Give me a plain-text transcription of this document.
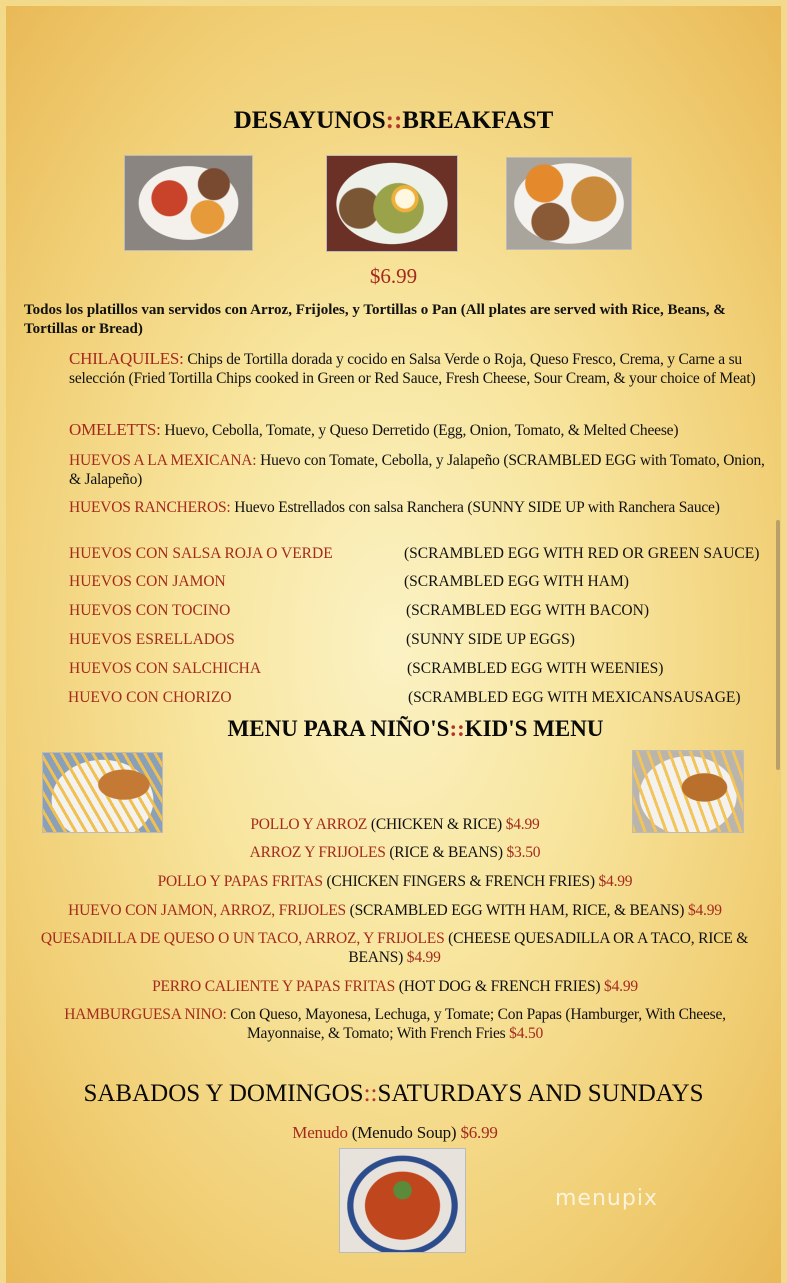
DESAYUNOS::BREAKFAST
$6.99
Todos los platillos van servidos con Arroz, Frijoles, y Tortillas o Pan (All plates are served with Rice, Beans, & Tortillas or Bread)
CHILAQUILES: Chips de Tortilla dorada y cocido en Salsa Verde o Roja, Queso Fresco, Crema, y Carne a su selección (Fried Tortilla Chips cooked in Green or Red Sauce, Fresh Cheese, Sour Cream, & your choice of Meat)
OMELETTS: Huevo, Cebolla, Tomate, y Queso Derretido (Egg, Onion, Tomato, & Melted Cheese)
HUEVOS A LA MEXICANA: Huevo con Tomate, Cebolla, y Jalapeño (SCRAMBLED EGG with Tomato, Onion, & Jalapeño)
HUEVOS RANCHEROS: Huevo Estrellados con salsa Ranchera (SUNNY SIDE UP with Ranchera Sauce)
HUEVOS CON SALSA ROJA O VERDE	(SCRAMBLED EGG WITH RED OR GREEN SAUCE)
HUEVOS CON JAMON	(SCRAMBLED EGG WITH HAM)
HUEVOS CON TOCINO	(SCRAMBLED EGG WITH BACON)
HUEVOS ESRELLADOS	(SUNNY SIDE UP EGGS)
HUEVOS CON SALCHICHA	(SCRAMBLED EGG WITH WEENIES)
HUEVO CON CHORIZO	(SCRAMBLED EGG WITH MEXICANSAUSAGE)
MENU PARA NIÑO'S::KID'S MENU
POLLO Y ARROZ (CHICKEN & RICE) $4.99
ARROZ Y FRIJOLES (RICE & BEANS) $3.50
POLLO Y PAPAS FRITAS (CHICKEN FINGERS & FRENCH FRIES) $4.99
HUEVO CON JAMON, ARROZ, FRIJOLES (SCRAMBLED EGG WITH HAM, RICE, & BEANS) $4.99
QUESADILLA DE QUESO O UN TACO, ARROZ, Y FRIJOLES (CHEESE QUESADILLA OR A TACO, RICE & BEANS) $4.99
PERRO CALIENTE Y PAPAS FRITAS (HOT DOG & FRENCH FRIES) $4.99
HAMBURGUESA NINO: Con Queso, Mayonesa, Lechuga, y Tomate; Con Papas (Hamburger, With Cheese, Mayonnaise, & Tomato; With French Fries $4.50
SABADOS Y DOMINGOS::SATURDAYS AND SUNDAYS
Menudo (Menudo Soup) $6.99
menupix
